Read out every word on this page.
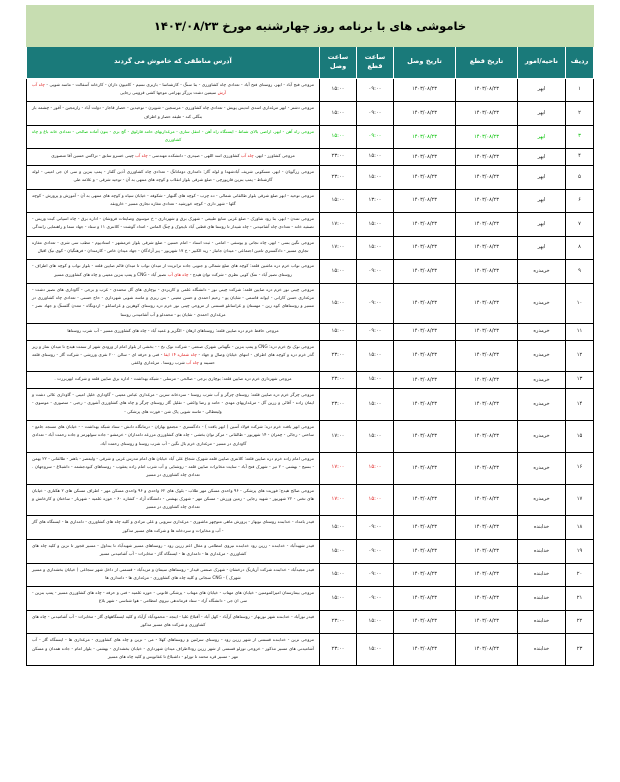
خاموشی های با برنامه روز چهارشنبه مورخ ۱۴۰۳/۰۸/۲۳						
ردیف	ناحیه/امور	تاریخ قطع	تاریخ وصل	ساعت قطع	ساعت وصل	آدرس مناطقی که خاموش می گردند
۱	ابهر	۱۴۰۳/۰۸/۲۳	۱۴۰۳/۰۸/۲۳	۰۹:۰۰	۱۵:۰۰	مروجی فتح آباد - ابهر، روستای فتح آباد - تعدادی چاه کشاورزی - بنا سنگ - کارشناسا - باربری نسیم - کامیون داران - کارخانه آسفالت - ماسه شویی - چاه آب آرش سیمین دشت برزگر بهرامی موجها کشی قزوینی رجایی
۲	ابهر	۱۴۰۳/۰۸/۲۳	۱۴۰۳/۰۸/۲۳	۰۹:۰۰	۱۵:۰۰	مروجی دشتر - ابهر مرغداری اسدی اندیس پویش - تعدادی چاه کشاورزی - مرسجین - شویرن - توحیدین - حصار قاجار - دولت آباد - رازمجین - آقور - چشمه باز بنگلی کند - طیفه حصار و اطراف
۳	ابهر	۱۴۰۳/۰۸/۲۳	۱۴۰۳/۰۸/۲۳	۰۹:۰۰	۱۵:۰۰	مروجی راه آهن - ابهر، اراضی بالای شناط - ایستگاه راه آهن - انتقل سازی - مرغداریهای حامد قارلوق - گچ بری - بتون آماده صالحی - تعدادی خانه باغ و چاه کشاورزی
۴	ابهر	۱۴۰۳/۰۸/۲۳	۱۴۰۳/۰۸/۲۳	۱۵:۰۰	۲۳:۰۰	مروجی کشاورز - ابهر، چاه آب کشاورزی اسد اللهی - صیدری - دانشکده مهندسی - چاه آب چینی خسرو سابق - تراکس حسین آقا منصوری
۵	ابهر	۱۴۰۳/۰۸/۲۳	۱۴۰۳/۰۸/۲۳	۱۵:۰۰	۲۳:۰۰	مروجی زرگویان - ابهر، مسکونی شریف آبادشهدا و لوله گاز: دامداری دوماتانگ - تعدادی چاه کشاورزی آذین گلنار - پمپ بنزین و سی ان جی امینی - لوله گازشناط - پمپ بنزین فارپورچی - ضلع شرقی بلوار انقلاب و کوچه های منتهی به آن - توحید شرقی - و علامه طی
۶	ابهر	۱۴۰۳/۰۸/۲۳	۱۴۰۳/۰۸/۲۳	۱۳:۰۰	۱۵:۰۰	مروجی توحید - ابهر ضلع شرقی بلوار طالقانی شمالی - ده چرب - کوچه های گلبهار - شکوفه - خیابان سپاه و کوچه های منتهی به آن - آموزش و پرورش - کوچه گلها - شهر داری - کوچه خورشید - تعدادی مغازه تجاری مسیر - خارونقه
۷	ابهر	۱۴۰۳/۰۸/۲۳	۱۴۰۳/۰۸/۲۳	۱۵:۰۰	۱۷:۰۰	مروجی تمدن - ابهر، بنا رود شاورک - ضلع غربی منابع طبیعی - شهرک برق و شهرداری - خ موسوی وضایعات فروشان - اداره برق - چاه اسپانی کبت وریس - تصفیه خانه - تعدادی چاه آشامیدنی - چاه شیدار تا روستا های قطبی آباد نایجوک و چنگ الماس - امداد گوشت - کلانتری ۱۱ و ستاد - جهاد سما و راهنمایی رانندگی
۸	ابهر	۱۴۰۳/۰۸/۲۳	۱۴۰۳/۰۸/۲۳	۱۵:۰۰	۱۷:۰۰	مروجی نگین بسی - ابهر، چاه نجاتی و یوسفی - امامی - ثبت اسناد - امام حسین - ضلع شرقی بلوار خرمشهر - استادیوم - مطب سی شری - تعدادی مغازه تجاری مسیر - دادگستری تامین اجتماعی - میدان جانباز - زید الکبیر - خ ۱۷ شهریور - پیر آزادگان - جهاد میدان خاص - کارمندان - فرهنگیان - کوی نیک اقبال
۹	خرمدره	۱۴۰۳/۰۸/۲۳	۱۴۰۳/۰۸/۲۳	۰۹:۰۰	۱۵:۰۰	مروجی نواب خرم دره ماشین قلعه: کوچه های ضلع شمالی و جنوبی جاده ترانزیت از میدان نواب تا میدان قائم صایین قلعه - بلوار نواب و کوچه های اطراف - روستای نصیر آباد - نمک کوبی نظری - شرکت توان هیدج - چاه های آب نصیر آباد - CNG و پمپ بنزین معینی و چاه های کشاورزی مسیر
۱۰	خرمدره	۱۴۰۳/۰۸/۲۳	۱۴۰۳/۰۸/۲۳	۰۹:۰۰	۱۵:۰۰	مروجی چینی نور خرم دره صایین قلعه: شرکت چینی نور - دانشگاه علمی و کاربردی - بوچاری های گل محمدی - غرب و برجی - گاوداری های نصیر دشت - مرغداری حسن کارانی - ایوانه قاسمی - شایان پو - رحیم احمدی و حسن معینی - بتن ریزی و ماسه شویی شهرداری - حاج حسنی - تعدادی چاه کشاورزی در مسیر و روستاهای کوه زین - مهستان و غراسانلو قسمتی از مروجی چینی نور خرم دره روستای کوهزین و غراسانلو - ازدونگاه - معدن گلسنگ و جهاد نصر - مرغداری احمدی - شایان بو - محمدلو و آب آشامیدنی روستا
۱۱	خرمدره	۱۴۰۳/۰۸/۲۳	۱۴۰۳/۰۸/۲۳	۰۹:۰۰	۱۵:۰۰	مروجی حافظ خرم دره صایین قلعه: روستاهای ارهان - الگزیر و عمید آباد - چاه های کشاورزی مسیر - آب شرب روستاها
۱۲	خرمدره	۱۴۰۳/۰۸/۲۳	۱۴۰۳/۰۸/۲۳	۱۵:۰۰	۲۳:۰۰	مروجی نوک نخ خرم دره: CNG و پمپ بنزین - نگهبانی شهرک صنعتی - شرکت نوک نخ - - بخشی از بلوار امام از ورودی شهر از سمت هیدج تا میدان نماز و زیر گذر خرم دره و کوچه های اطراف - انتهای خیابان وصال و جهاد - چاه شماره ۱۴ ایفا - فنی و حرفه ای - سالن ۲۰۰ نفری ورزشی - شرکت گاز - روستای قلعه حسینه و چاه آب شرب روستا . مرغداری واغفی
۱۳	خرمدره	۱۴۰۳/۰۸/۲۳	۱۴۰۳/۰۸/۲۳	۱۵:۰۰	۲۳:۰۰	مروجی شهرداری خرم دره صایین قلعه: بوچاری برجی - صالحی - مرسلی - شبکه بهداشت - اداره برق صایین قلعه و شرکت ایهربرزت .
۱۴	خرمدره	۱۴۰۳/۰۸/۲۳	۱۴۰۳/۰۸/۲۳	۱۵:۰۰	۲۳:۰۰	مروجی چرگر خرم دره صایین قلعه: روستای چرگر و آب شرب روستا - سردخانه سرین - مرغداری عباس معینی - گاوداری خلیل امینی - گاوداری عالی دشت و ایمان زاده - آقائی و زرین گل - مرغداریهای مهدی - حامد و رضا واغفی - تقلیل گاز روستای چرگر و چاه های کشاورزی آشوری - رجبی - منصوری - موسوی - ولیعطالی - ماسه شویی پاک شن - فورت های پزشکی -
۱۵	خرمدره	۱۴۰۳/۰۸/۲۳	۱۴۰۳/۰۸/۲۳	۱۵:۰۰	۱۷:۰۰	مروجی ابهر بافت خرم دره: شرکت فولاد آسین ( ابهر بافت ) - دادگستری - مجتمع بهاران - درمانگاه دانش - ستاد شبکه بهداشت - - خیابان های مسجد جامع - ساحتی - رجائی - چمران - ۱۴ شهریور - طالقانی - مرکز توان بخشی - چاه های کشاورزی مزرعه دامداران - خرمشو - جاده سولهرمز و جاده رحمت آباد - تعدادی گاوداری در مسیر - مرغداری خرم بال نگین - آب شرب روستا و روستای رحمت آباد.
۱۶	خرمدره	۱۴۰۳/۰۸/۲۳	۱۴۰۳/۰۸/۲۳	۱۵:۰۰	۱۷:۰۰	مروجی امام زاده خرم دره صایین قلعه: کلانتری صایین قلعه شهرک شجاع علی آباد خیابان های امام مدرس غربی و شرقی - ولیعصر - باهنر - طالقانی - ۲۲ بهمن - بسیج - بهشتی - ۲ تیر - شهرک فتح آباد - سایت مخابرات صایین قلعه - روشنایی و آب شرب امام زاده یعقوب - روستاهای کبودجشمه - داشبلاغ - سروجهان . تعدادی چاه کشاورزی در مسیر
۱۷	خرمدره	۱۴۰۳/۰۸/۲۳	۱۴۰۳/۰۸/۲۳	۱۵:۰۰	۱۷:۰۰	مروجی صالح هیدج: فوریت های پزشکی - ۹۶ واحدی مسکن مهر طلاب - بلوک های ۶۲ واحدی و ۹۶ واحدی مسکن مهر - اطراف مسکن های ۲ هکتاری - خیابان های تختی - ۲۲ شهریور - شهید رجایی - زمین ورزش - مسکن مهر - شهرک بهشتی - دانشگاه آزاد - کشاره ۶۰ - حوزه علمیه - شهربار - ساختان و کارخانش و تعدادی چاه کشاورزی در مسیر
۱۸	خدابنده	۱۴۰۳/۰۸/۲۳	۱۴۰۳/۰۸/۲۳	۰۹:۰۰	۱۵:۰۰	فیدر بامداد - خدابنده روستای نوبهار - پرورش ماهی متوچهر ماشوری - مرغداری سروبی و علی مرادی و کلیه چاه های کشاورزی - دامداری ها - ایستگاه های گاز - آب و مخابرات و سردخانه ها و شرکت های مسیر مذکور
۱۹	خدابنده	۱۴۰۳/۰۸/۲۳	۱۴۰۳/۰۸/۲۳	۰۹:۰۰	۱۵:۰۰	فیدر شهیدآباد - خدابنده - زرین رود خدابنده نیروی انتظامی و مغال اعم زرین رود - روستاهای مسیر شهیدآباد تا بنداول - مسیر قجور تا نزین و کلیه چاه های کشاورزی - مرغداری ها - دامداری ها - ایستگاه گاز - مخابرات - آب آشامیدنی مسیر
۲۰	خدابنده	۱۴۰۳/۰۸/۲۳	۱۴۰۳/۰۸/۲۳	۰۹:۰۰	۱۵:۰۰	فیدر مجیدآباد - خدابنده شرکت آرپازنگ درخشان - شهرک صنعتی قیدار - روستاهای سیمان و مزیدآباد - قسمتی از داخل شهر سجاعی ( خیابان بخشداری و مسیر شهرک ) - CNG سجانی و کلیه چاه های کشاورزی - مرغداری ها - دامداری ها
۲۱	خدابنده	۱۴۰۳/۰۸/۲۳	۱۴۰۳/۰۸/۲۳	۰۹:۰۰	۱۵:۰۰	مروجی بیمارستان امیرالمومنین - خیابان های مهتاب - خیابان های مهتاب - پزشکی قانونی - حوزه علمیه - فنی و حرفه - چاه های کشاورزی مسیر - پمپ بنزین - سی ان جی - دانشگاه آزاد - ستاد فرماندهی نیروی انتظامی - هوا شناسی - شهر بلاغ
۲۲	خدابنده	۱۴۰۳/۰۸/۲۳	۱۴۰۳/۰۸/۲۳	۱۵:۰۰	۲۳:۰۰	فیدر نورآباد - خدابنده شهر نوربهار - روستاهای آرآباد - کهل آباد - آقبلاغ علیا - ایتجد - محمودآباد آژآباد و کلیه ایستگاههای گاز - مخابرات - آب آشامیدنی - چاه های کشاورزی و شرکت های مسیر مذکور
۲۳	خدابنده	۱۴۰۳/۰۸/۲۳	۱۴۰۳/۰۸/۲۳	۱۵:۰۰	۲۳:۰۰	مروجی نزین - خدابنده قسمتی از شهر زرین رود - روستای سرلنین و روستاهای کهلا - می - نزین و چاه های کشاورزی - مرغداری ها - ایستگاه گاز - آب آشامیدنی های مسیر مذکور - خروجی توزلو قسمتی از شهر زرین رودااطراف میدان شهرداری - خیابان بخشداری - بهشتی - بلوار امام - جاده همدان و مسکن مهر - مسیر قره محمد تا توزلو - داشبلاغ تا غفانویس و کلیه چاه های مسیر
